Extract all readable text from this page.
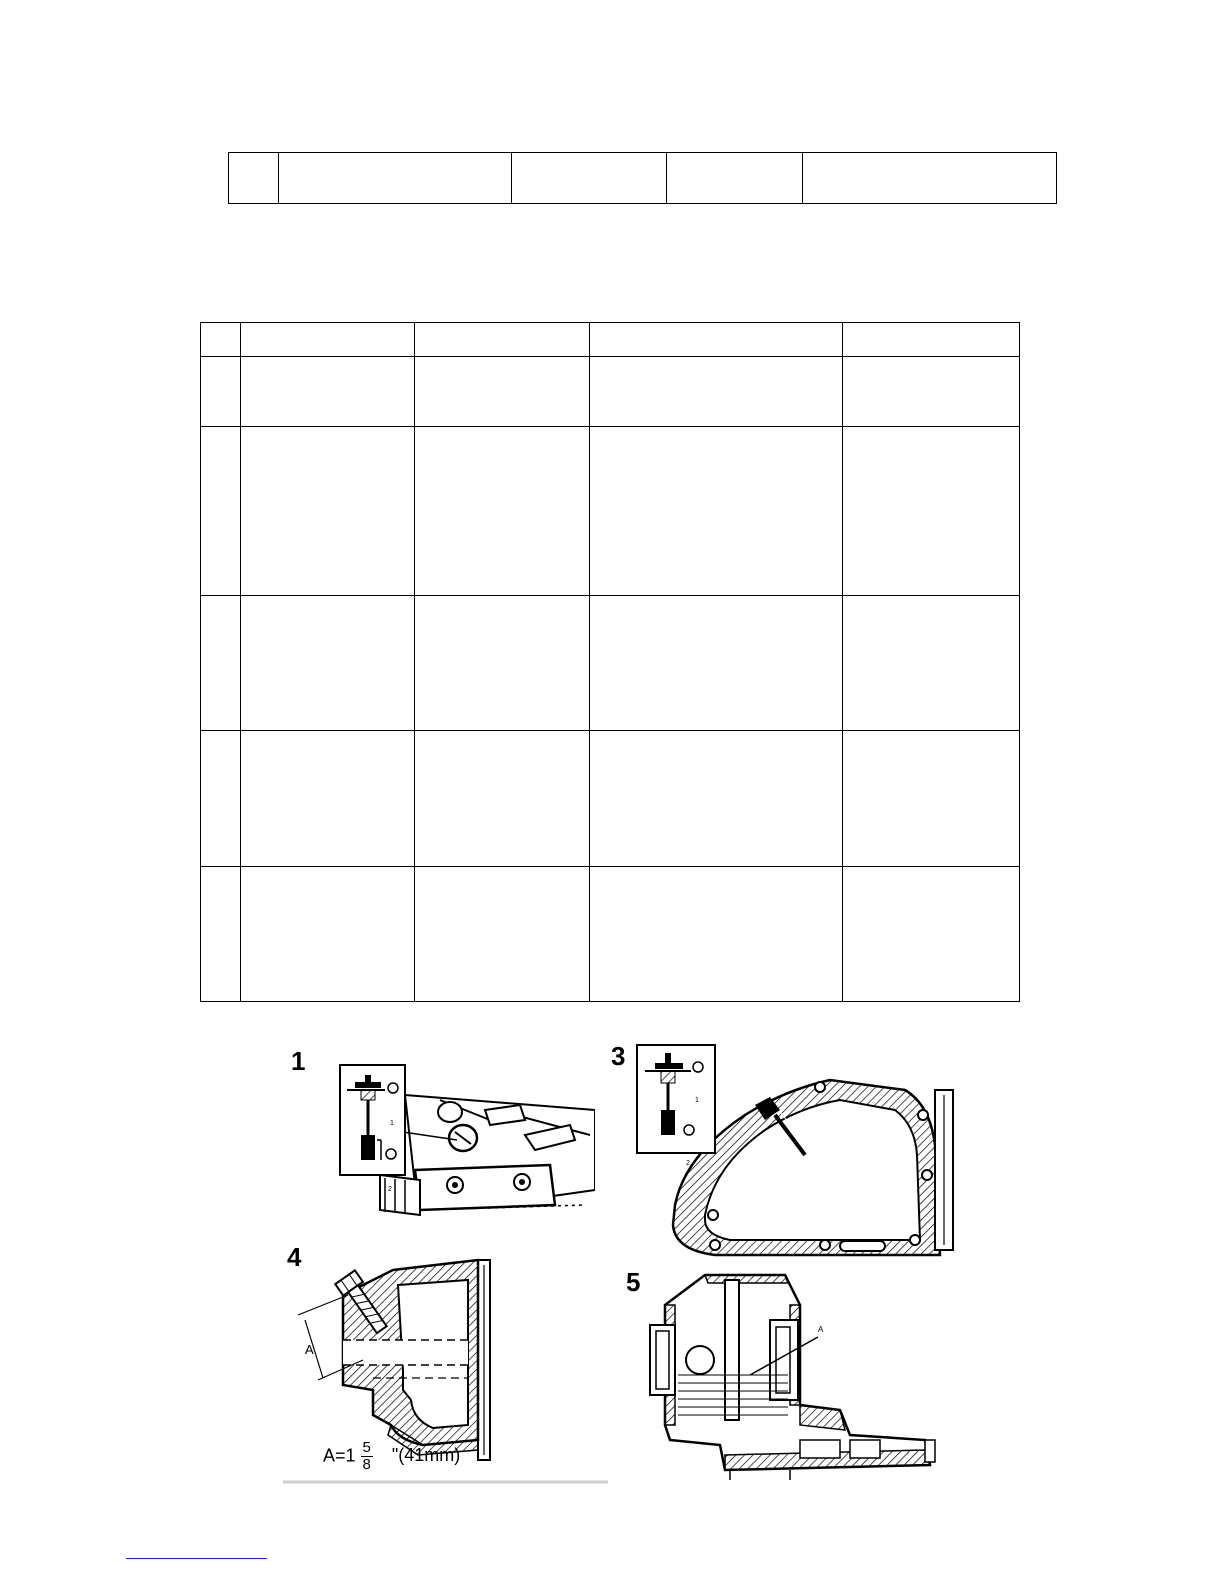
1
1
2
3
1
2
4
A
$A=1 \frac{5}{8}$ "(41mm)
5
A
